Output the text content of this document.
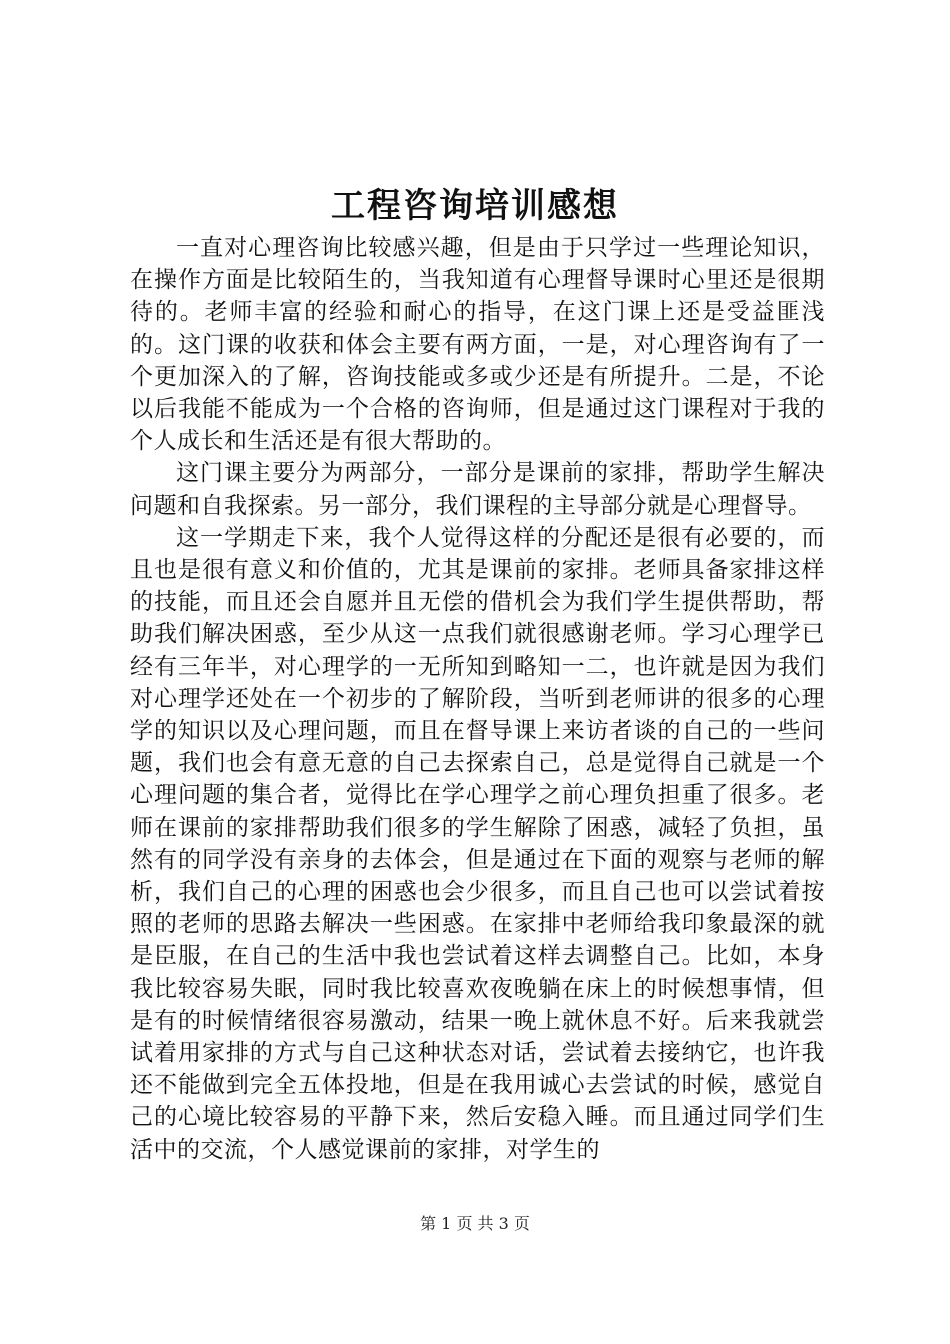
工程咨询培训感想

一直对心理咨询比较感兴趣，但是由于只学过一些理论知识，在操作方面是比较陌生的，当我知道有心理督导课时心里还是很期待的。老师丰富的经验和耐心的指导，在这门课上还是受益匪浅的。这门课的收获和体会主要有两方面，一是，对心理咨询有了一个更加深入的了解，咨询技能或多或少还是有所提升。二是，不论以后我能不能成为一个合格的咨询师，但是通过这门课程对于我的个人成长和生活还是有很大帮助的。

这门课主要分为两部分，一部分是课前的家排，帮助学生解决问题和自我探索。另一部分，我们课程的主导部分就是心理督导。

这一学期走下来，我个人觉得这样的分配还是很有必要的，而且也是很有意义和价值的，尤其是课前的家排。老师具备家排这样的技能，而且还会自愿并且无偿的借机会为我们学生提供帮助，帮助我们解决困惑，至少从这一点我们就很感谢老师。学习心理学已经有三年半，对心理学的一无所知到略知一二，也许就是因为我们对心理学还处在一个初步的了解阶段，当听到老师讲的很多的心理学的知识以及心理问题，而且在督导课上来访者谈的自己的一些问题，我们也会有意无意的自己去探索自己，总是觉得自己就是一个心理问题的集合者，觉得比在学心理学之前心理负担重了很多。老师在课前的家排帮助我们很多的学生解除了困惑，减轻了负担，虽然有的同学没有亲身的去体会，但是通过在下面的观察与老师的解析，我们自己的心理的困惑也会少很多，而且自己也可以尝试着按照的老师的思路去解决一些困惑。在家排中老师给我印象最深的就是臣服，在自己的生活中我也尝试着这样去调整自己。比如，本身我比较容易失眠，同时我比较喜欢夜晚躺在床上的时候想事情，但是有的时候情绪很容易激动，结果一晚上就休息不好。后来我就尝试着用家排的方式与自己这种状态对话，尝试着去接纳它，也许我还不能做到完全五体投地，但是在我用诚心去尝试的时候，感觉自己的心境比较容易的平静下来，然后安稳入睡。而且通过同学们生活中的交流，个人感觉课前的家排，对学生的

第 1 页 共 3 页
